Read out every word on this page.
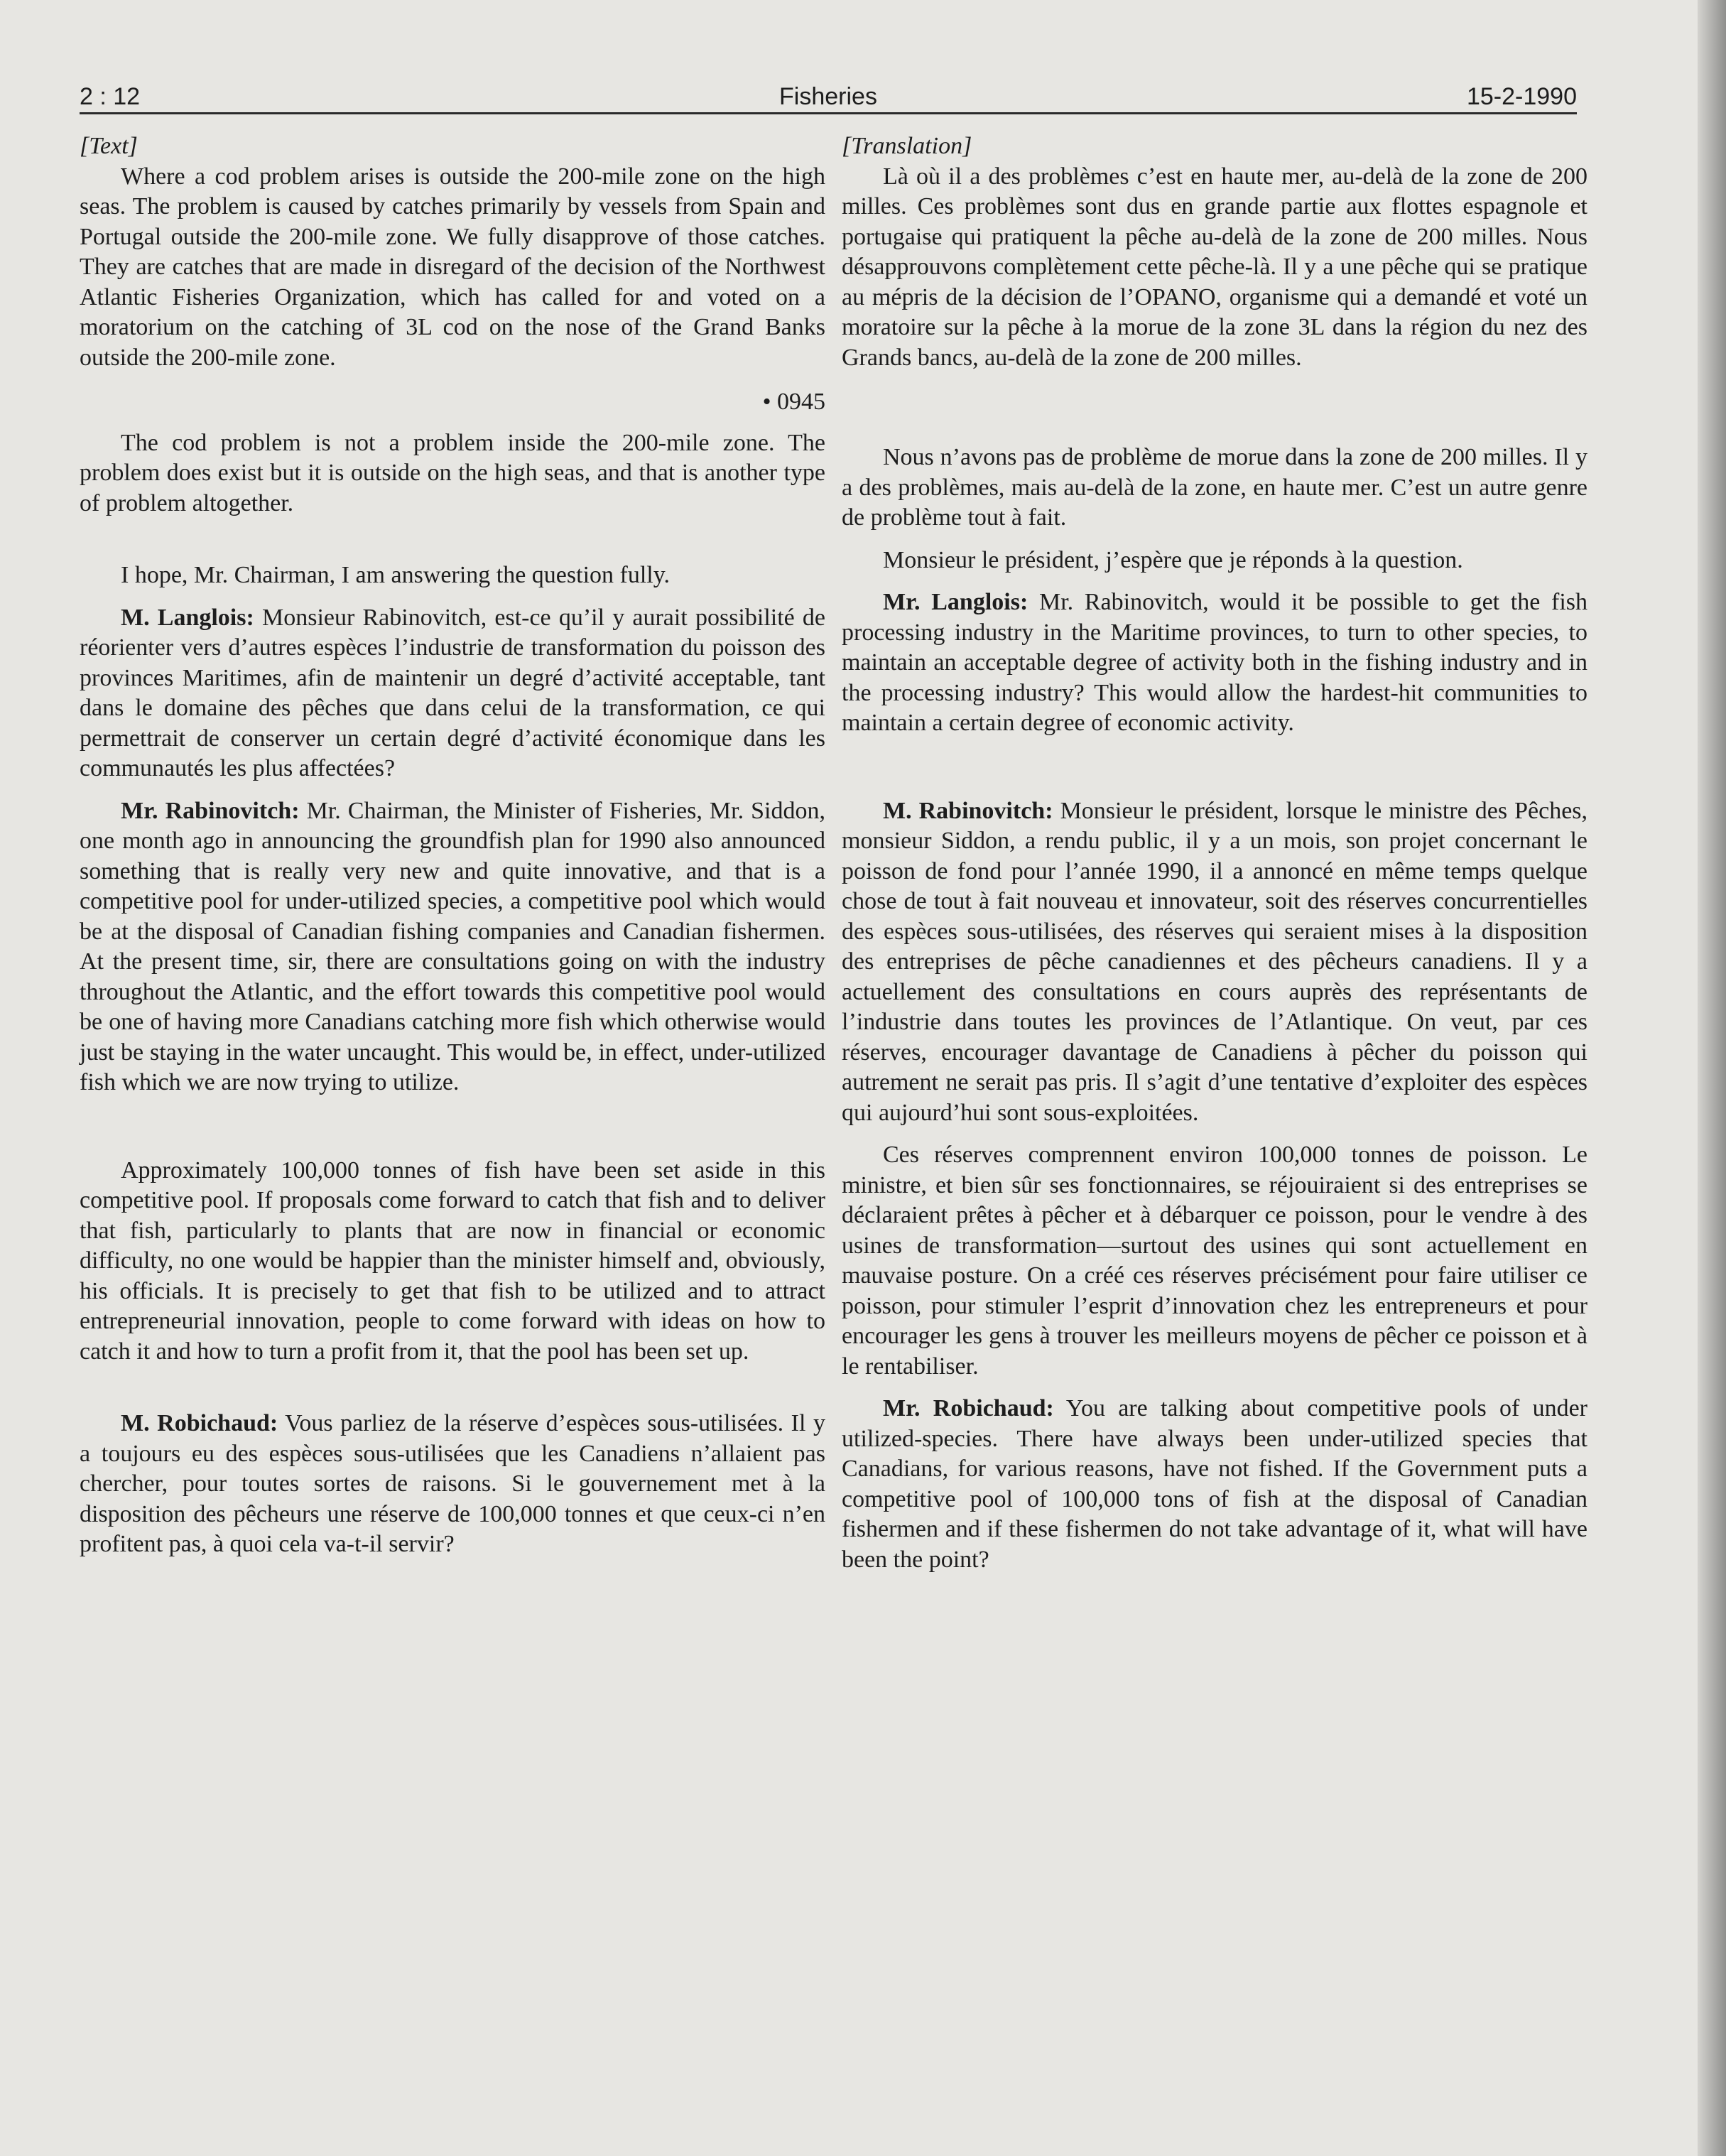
2 : 12	Fisheries	15-2-1990

[Text]

Where a cod problem arises is outside the 200-mile zone on the high seas. The problem is caused by catches primarily by vessels from Spain and Portugal outside the 200-mile zone. We fully disapprove of those catches. They are catches that are made in disregard of the decision of the Northwest Atlantic Fisheries Organization, which has called for and voted on a moratorium on the catching of 3L cod on the nose of the Grand Banks outside the 200-mile zone.

• 0945

The cod problem is not a problem inside the 200-mile zone. The problem does exist but it is outside on the high seas, and that is another type of problem altogether.

I hope, Mr. Chairman, I am answering the question fully.

M. Langlois: Monsieur Rabinovitch, est-ce qu’il y aurait possibilité de réorienter vers d’autres espèces l’industrie de transformation du poisson des provinces Maritimes, afin de maintenir un degré d’activité acceptable, tant dans le domaine des pêches que dans celui de la transformation, ce qui permettrait de conserver un certain degré d’activité économique dans les communautés les plus affectées?

Mr. Rabinovitch: Mr. Chairman, the Minister of Fisheries, Mr. Siddon, one month ago in announcing the groundfish plan for 1990 also announced something that is really very new and quite innovative, and that is a competitive pool for under-utilized species, a competitive pool which would be at the disposal of Canadian fishing companies and Canadian fishermen. At the present time, sir, there are consultations going on with the industry throughout the Atlantic, and the effort towards this competitive pool would be one of having more Canadians catching more fish which otherwise would just be staying in the water uncaught. This would be, in effect, under-utilized fish which we are now trying to utilize.

Approximately 100,000 tonnes of fish have been set aside in this competitive pool. If proposals come forward to catch that fish and to deliver that fish, particularly to plants that are now in financial or economic difficulty, no one would be happier than the minister himself and, obviously, his officials. It is precisely to get that fish to be utilized and to attract entrepreneurial innovation, people to come forward with ideas on how to catch it and how to turn a profit from it, that the pool has been set up.

M. Robichaud: Vous parliez de la réserve d’espèces sous-utilisées. Il y a toujours eu des espèces sous-utilisées que les Canadiens n’allaient pas chercher, pour toutes sortes de raisons. Si le gouvernement met à la disposition des pêcheurs une réserve de 100,000 tonnes et que ceux-ci n’en profitent pas, à quoi cela va-t-il servir?

[Translation]

Là où il a des problèmes c’est en haute mer, au-delà de la zone de 200 milles. Ces problèmes sont dus en grande partie aux flottes espagnole et portugaise qui pratiquent la pêche au-delà de la zone de 200 milles. Nous désapprouvons complètement cette pêche-là. Il y a une pêche qui se pratique au mépris de la décision de l’OPANO, organisme qui a demandé et voté un moratoire sur la pêche à la morue de la zone 3L dans la région du nez des Grands bancs, au-delà de la zone de 200 milles.

Nous n’avons pas de problème de morue dans la zone de 200 milles. Il y a des problèmes, mais au-delà de la zone, en haute mer. C’est un autre genre de problème tout à fait.

Monsieur le président, j’espère que je réponds à la question.

Mr. Langlois: Mr. Rabinovitch, would it be possible to get the fish processing industry in the Maritime provinces, to turn to other species, to maintain an acceptable degree of activity both in the fishing industry and in the processing industry? This would allow the hardest-hit communities to maintain a certain degree of economic activity.

M. Rabinovitch: Monsieur le président, lorsque le ministre des Pêches, monsieur Siddon, a rendu public, il y a un mois, son projet concernant le poisson de fond pour l’année 1990, il a annoncé en même temps quelque chose de tout à fait nouveau et innovateur, soit des réserves concurrentielles des espèces sous-utilisées, des réserves qui seraient mises à la disposition des entreprises de pêche canadiennes et des pêcheurs canadiens. Il y a actuellement des consultations en cours auprès des représentants de l’industrie dans toutes les provinces de l’Atlantique. On veut, par ces réserves, encourager davantage de Canadiens à pêcher du poisson qui autrement ne serait pas pris. Il s’agit d’une tentative d’exploiter des espèces qui aujourd’hui sont sous-exploitées.

Ces réserves comprennent environ 100,000 tonnes de poisson. Le ministre, et bien sûr ses fonctionnaires, se réjouiraient si des entreprises se déclaraient prêtes à pêcher et à débarquer ce poisson, pour le vendre à des usines de transformation—surtout des usines qui sont actuellement en mauvaise posture. On a créé ces réserves précisément pour faire utiliser ce poisson, pour stimuler l’esprit d’innovation chez les entrepreneurs et pour encourager les gens à trouver les meilleurs moyens de pêcher ce poisson et à le rentabiliser.

Mr. Robichaud: You are talking about competitive pools of under utilized-species. There have always been under-utilized species that Canadians, for various reasons, have not fished. If the Government puts a competitive pool of 100,000 tons of fish at the disposal of Canadian fishermen and if these fishermen do not take advantage of it, what will have been the point?
